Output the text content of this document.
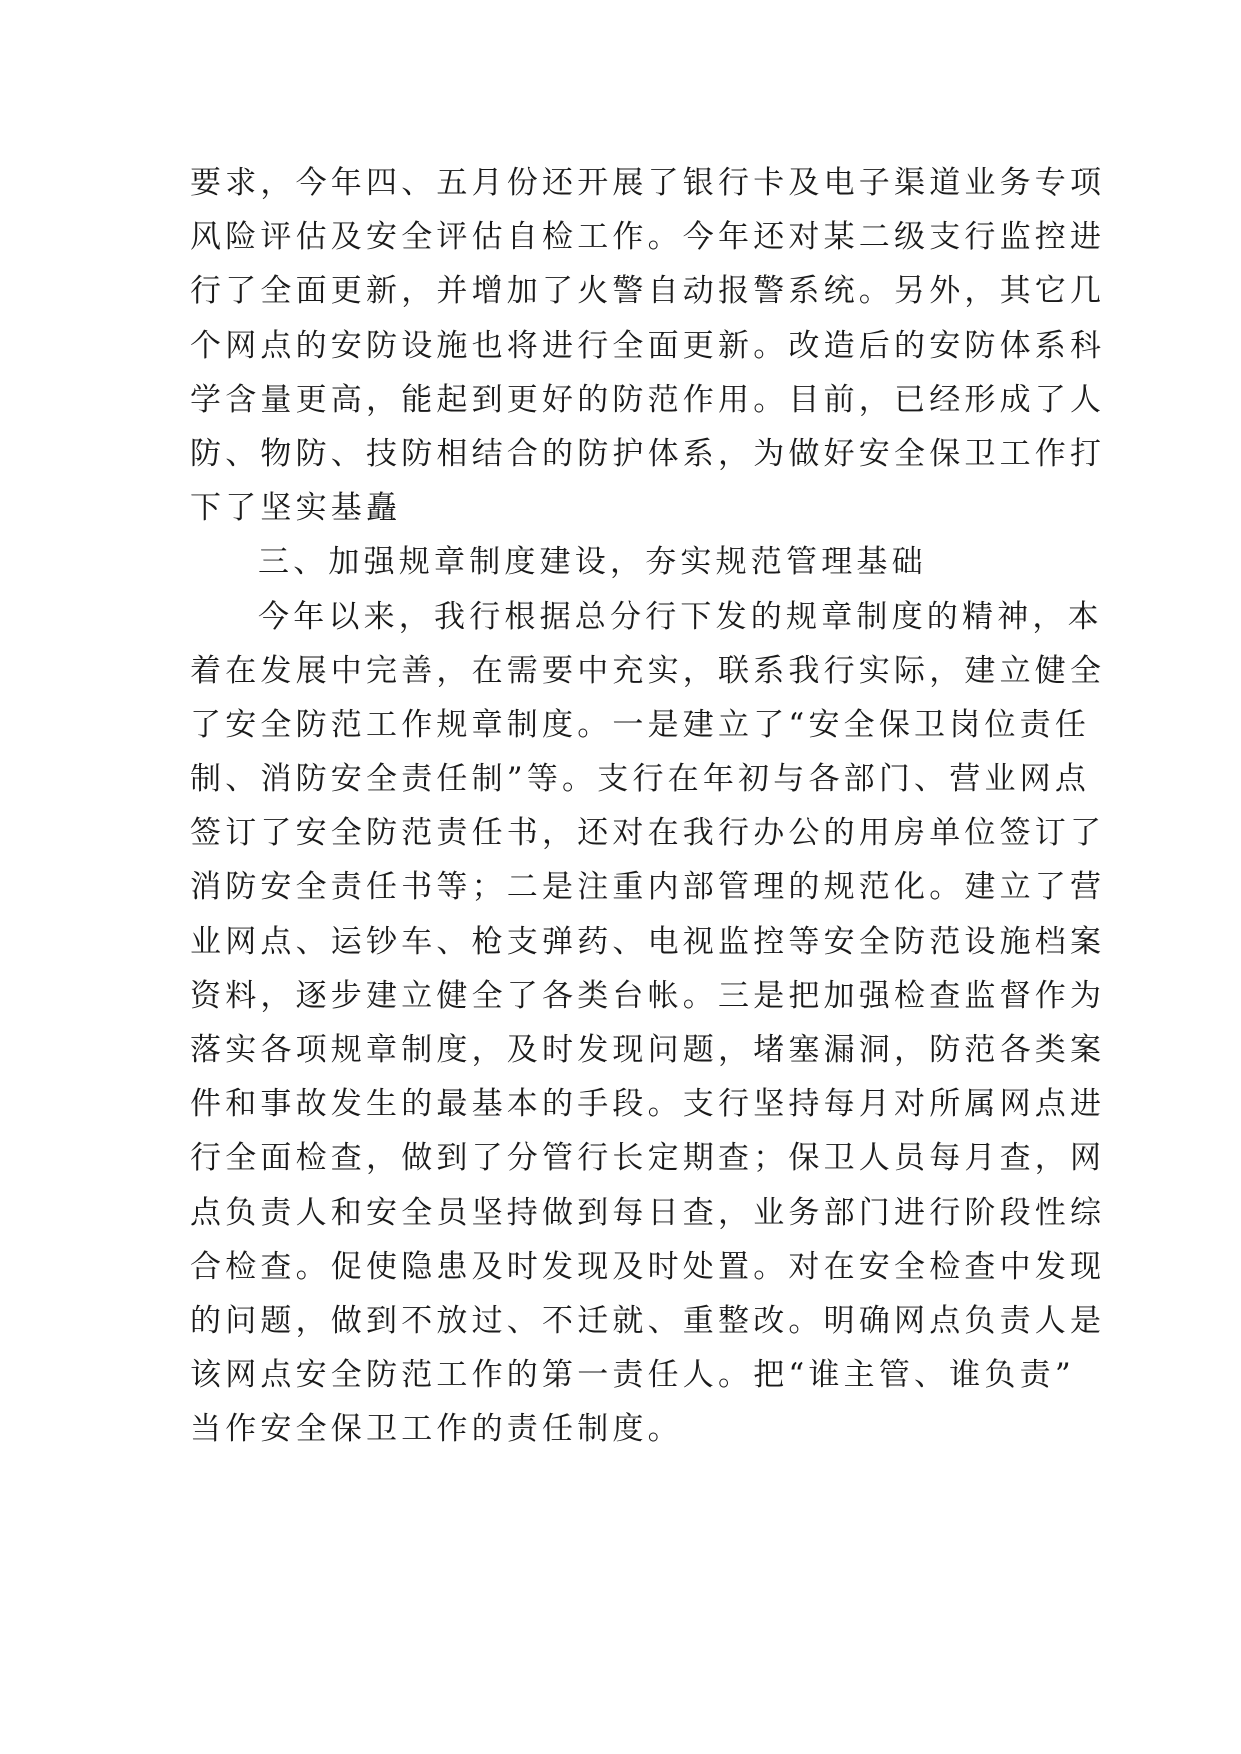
要求，今年四、五月份还开展了银行卡及电子渠道业务专项
风险评估及安全评估自检工作。今年还对某二级支行监控进
行了全面更新，并增加了火警自动报警系统。另外，其它几
个网点的安防设施也将进行全面更新。改造后的安防体系科
学含量更高，能起到更好的防范作用。目前，已经形成了人
防、物防、技防相结合的防护体系，为做好安全保卫工作打
下了坚实基矗
三、加强规章制度建设，夯实规范管理基础
今年以来，我行根据总分行下发的规章制度的精神，本
着在发展中完善，在需要中充实，联系我行实际，建立健全
了安全防范工作规章制度。一是建立了“安全保卫岗位责任
制、消防安全责任制”等。支行在年初与各部门、营业网点
签订了安全防范责任书，还对在我行办公的用房单位签订了
消防安全责任书等；二是注重内部管理的规范化。建立了营
业网点、运钞车、枪支弹药、电视监控等安全防范设施档案
资料，逐步建立健全了各类台帐。三是把加强检查监督作为
落实各项规章制度，及时发现问题，堵塞漏洞，防范各类案
件和事故发生的最基本的手段。支行坚持每月对所属网点进
行全面检查，做到了分管行长定期查；保卫人员每月查，网
点负责人和安全员坚持做到每日查，业务部门进行阶段性综
合检查。促使隐患及时发现及时处置。对在安全检查中发现
的问题，做到不放过、不迁就、重整改。明确网点负责人是
该网点安全防范工作的第一责任人。把“谁主管、谁负责”
当作安全保卫工作的责任制度。
